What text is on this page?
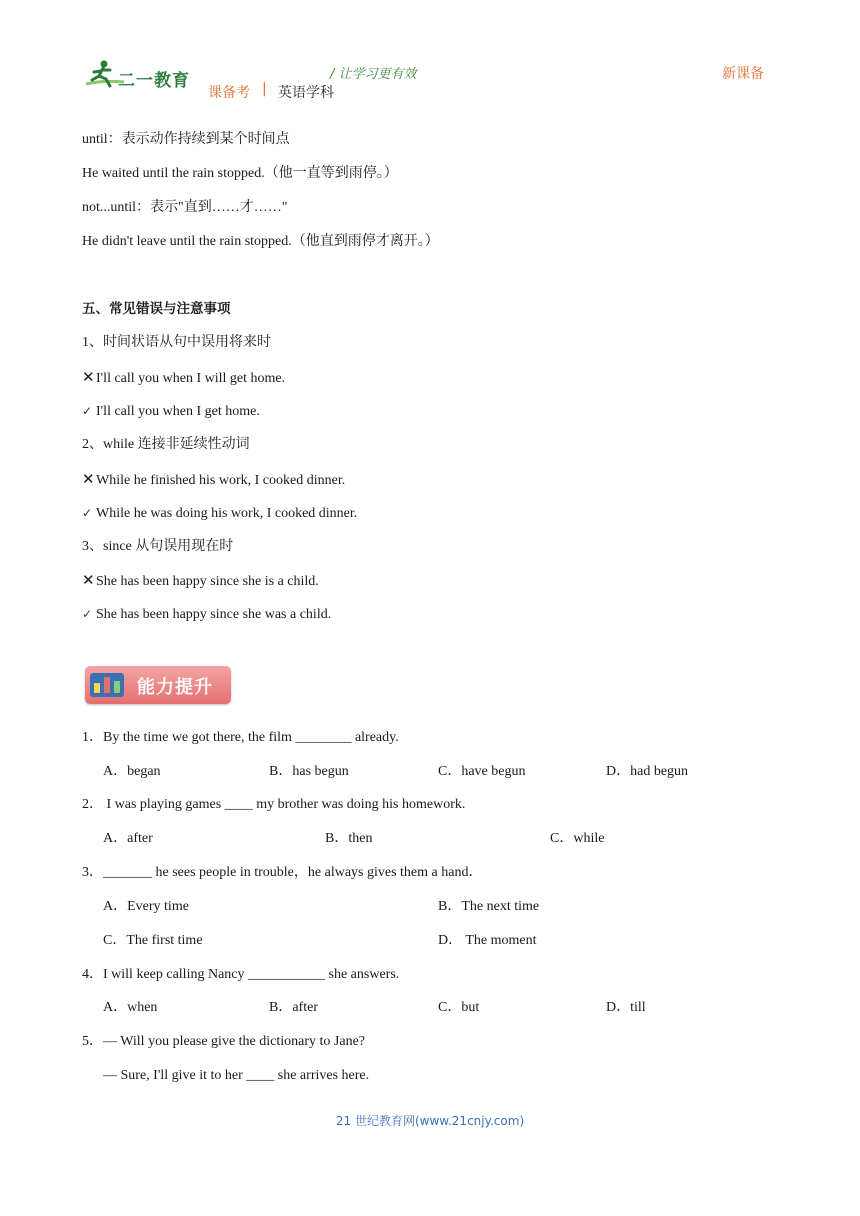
二一教育	/ 让学习更有效	新课备
课备考 | 英语学科
until：表示动作持续到某个时间点
He waited until the rain stopped.（他一直等到雨停。）
not...until：表示"直到……才……"
He didn't leave until the rain stopped.（他直到雨停才离开。）
五、常见错误与注意事项
1、时间状语从句中误用将来时
✕I'll call you when I will get home.
✓ I'll call you when I get home.
2、while 连接非延续性动词
✕While he finished his work, I cooked dinner.
✓ While he was doing his work, I cooked dinner.
3、since 从句误用现在时
✕She has been happy since she is a child.
✓ She has been happy since she was a child.
能力提升
1．By the time we got there, the film ________ already.
A．began	B．has begun	C．have begun	D．had begun
2． I was playing games ____ my brother was doing his homework.
A．after	B．then	C．while
3．_______ he sees people in trouble，he always gives them a hand．
A．Every time	B．The next time
C．The first time	D． The moment
4．I will keep calling Nancy ___________ she answers.
A．when	B．after	C．but	D．till
5．— Will you please give the dictionary to Jane?
— Sure, I'll give it to her ____ she arrives here.
21 世纪教育网(www.21cnjy.com)
